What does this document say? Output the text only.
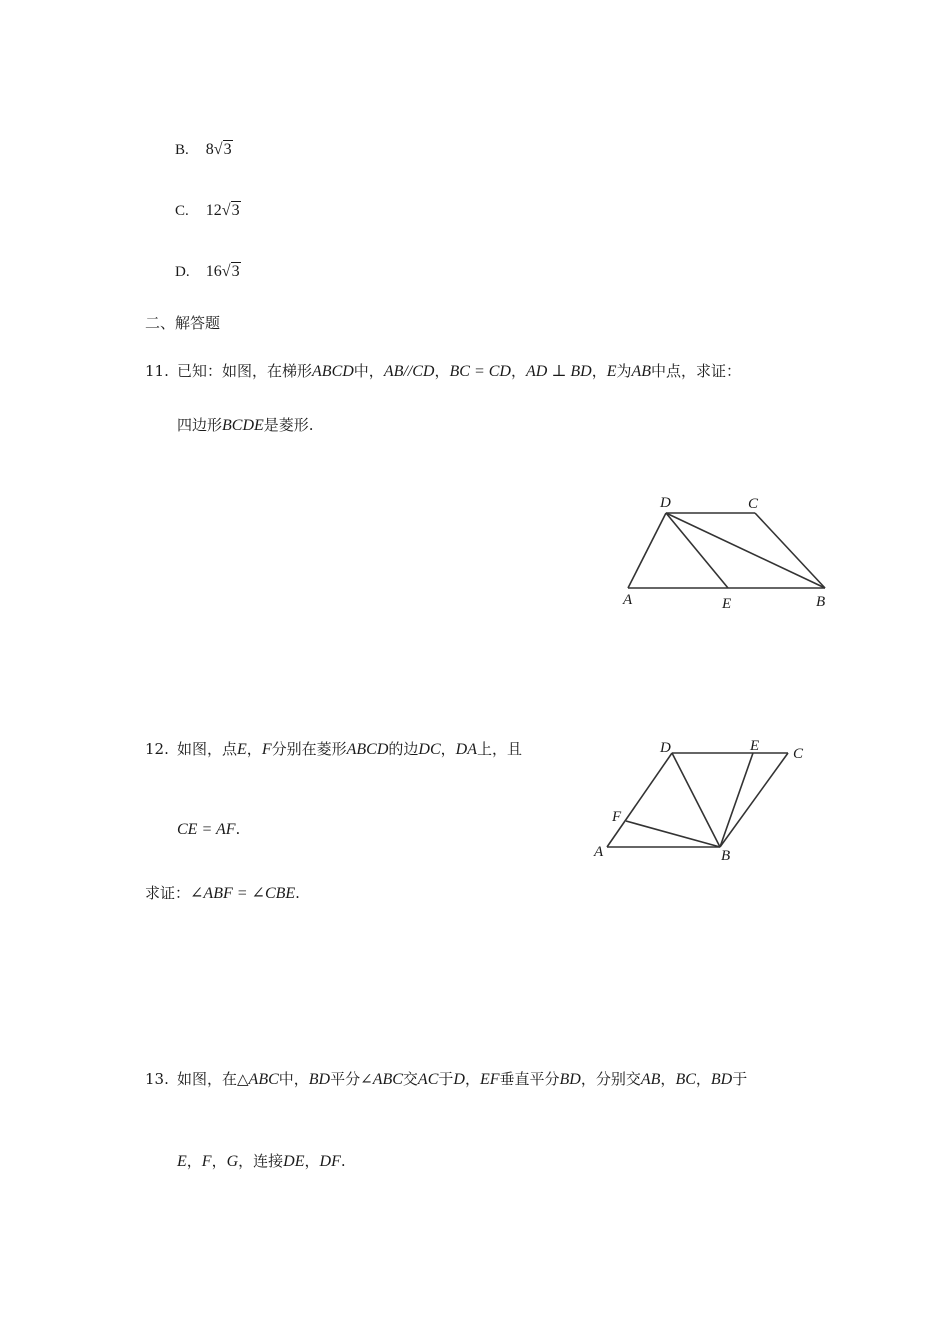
B. 8√3
C. 12√3
D. 16√3
二、解答题
11. 已知：如图，在梯形ABCD中，AB//CD，BC = CD，AD ⊥ BD，E为AB中点，求证：
四边形BCDE是菱形.
A	B
C
D
E
12. 如图，点E，F分别在菱形ABCD的边DC，DA上，且
CE = AF.
求证：∠ABF = ∠CBE.
A	B
C
D	E
F
13. 如图，在△ABC中，BD平分∠ABC交AC于D，EF垂直平分BD，分别交AB，BC，BD于
E，F，G，连接DE，DF.
